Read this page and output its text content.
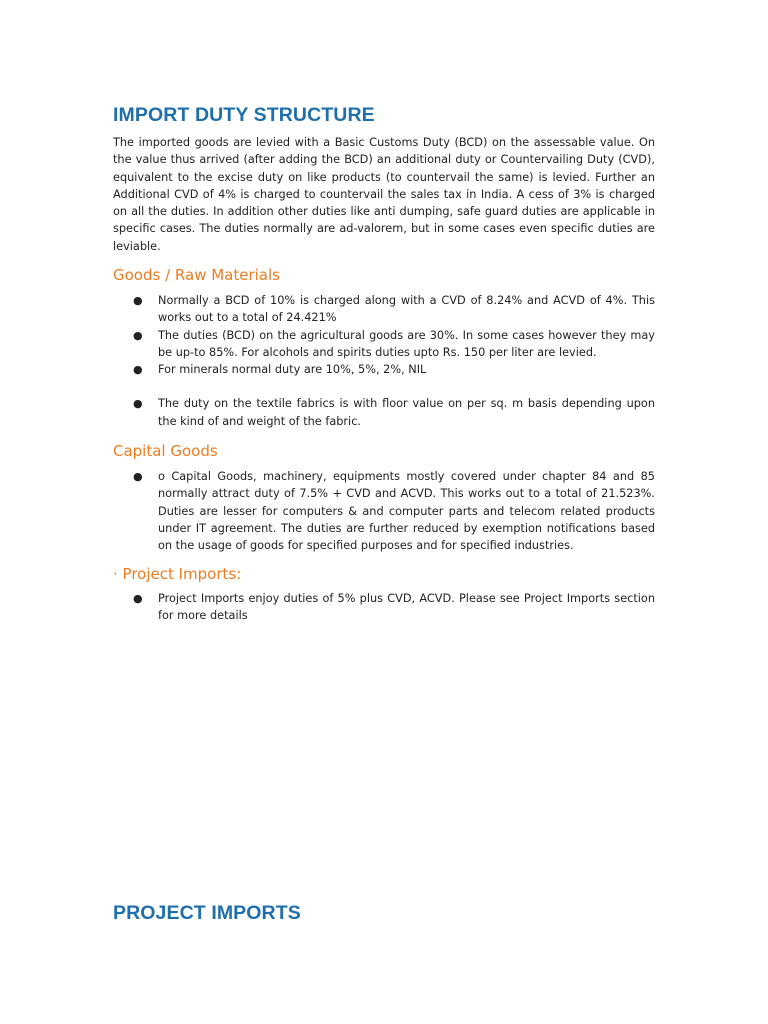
IMPORT DUTY STRUCTURE

The imported goods are levied with a Basic Customs Duty (BCD) on the assessable value. On the value thus arrived (after adding the BCD) an additional duty or Countervailing Duty (CVD), equivalent to the excise duty on like products (to countervail the same) is levied. Further an Additional CVD of 4% is charged to countervail the sales tax in India. A cess of 3% is charged on all the duties. In addition other duties like anti dumping, safe guard duties are applicable in specific cases. The duties normally are ad-valorem, but in some cases even specific duties are leviable.

Goods / Raw Materials
● Normally a BCD of 10% is charged along with a CVD of 8.24% and ACVD of 4%. This works out to a total of 24.421%
● The duties (BCD) on the agricultural goods are 30%. In some cases however they may be up-to 85%. For alcohols and spirits duties upto Rs. 150 per liter are levied.
● For minerals normal duty are 10%, 5%, 2%, NIL
● The duty on the textile fabrics is with floor value on per sq. m basis depending upon the kind of and weight of the fabric.
Capital Goods
● o Capital Goods, machinery, equipments mostly covered under chapter 84 and 85 normally attract duty of 7.5% + CVD and ACVD. This works out to a total of 21.523%. Duties are lesser for computers & and computer parts and telecom related products under IT agreement. The duties are further reduced by exemption notifications based on the usage of goods for specified purposes and for specified industries.
· Project Imports:
● Project Imports enjoy duties of 5% plus CVD, ACVD. Please see Project Imports section for more details
PROJECT IMPORTS
